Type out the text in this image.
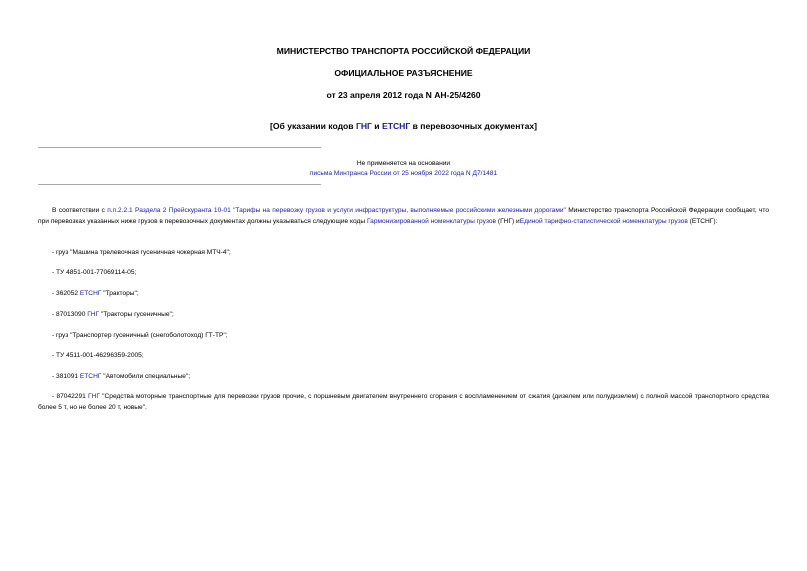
МИНИСТЕРСТВО ТРАНСПОРТА РОССИЙСКОЙ ФЕДЕРАЦИИ
ОФИЦИАЛЬНОЕ РАЗЪЯСНЕНИЕ
от 23 апреля 2012 года N АН-25/4260
[Об указании кодов ГНГ и ЕТСНГ в перевозочных документах]
Не применяется на основании
письма Минтранса России от 25 ноября 2022 года N Д7/1481
В соответствии с п.п.2.2.1 Раздела 2 Прейскуранта 10-01 "Тарифы на перевозку грузов и услуги инфраструктуры, выполняемые российскими железными дорогами" Министерство транспорта Российской Федерации сообщает, что при перевозках указанных ниже грузов в перевозочных документах должны указываться следующие коды Гармонизированной номенклатуры грузов (ГНГ) иЕдиной тарифно-статистической номенклатуры грузов (ЕТСНГ):
- груз "Машина трелевочная гусеничная чокерная МТЧ-4";
- ТУ 4851-001-77069114-05;
- 362052 ЕТСНГ "Тракторы";
- 87013090 ГНГ "Тракторы гусеничные";
- груз "Транспортер гусеничный (снегоболотоход) ГТ-ТР";
- ТУ 4511-001-46296359-2005;
- 381091 ЕТСНГ "Автомобили специальные";
- 87042291 ГНГ "Средства моторные транспортные для перевозки грузов прочие, с поршневым двигателем внутреннего сгорания с воспламенением от сжатия (дизелем или полудизелем) с полной массой транспортного средства более 5 т, но не более 20 т, новые".
